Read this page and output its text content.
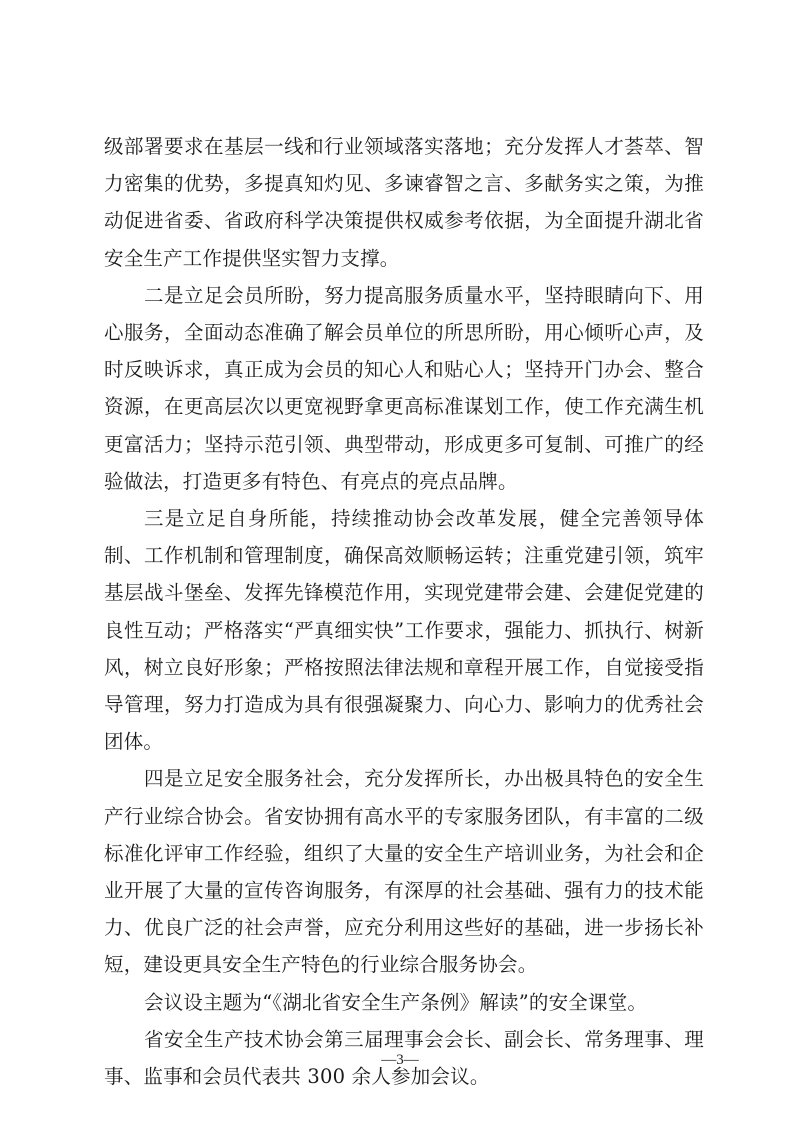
级部署要求在基层一线和行业领域落实落地；充分发挥人才荟萃、智力密集的优势，多提真知灼见、多谏睿智之言、多献务实之策，为推动促进省委、省政府科学决策提供权威参考依据，为全面提升湖北省安全生产工作提供坚实智力支撑。

二是立足会员所盼，努力提高服务质量水平，坚持眼睛向下、用心服务，全面动态准确了解会员单位的所思所盼，用心倾听心声，及时反映诉求，真正成为会员的知心人和贴心人；坚持开门办会、整合资源，在更高层次以更宽视野拿更高标准谋划工作，使工作充满生机更富活力；坚持示范引领、典型带动，形成更多可复制、可推广的经验做法，打造更多有特色、有亮点的亮点品牌。

三是立足自身所能，持续推动协会改革发展，健全完善领导体制、工作机制和管理制度，确保高效顺畅运转；注重党建引领，筑牢基层战斗堡垒、发挥先锋模范作用，实现党建带会建、会建促党建的良性互动；严格落实“严真细实快”工作要求，强能力、抓执行、树新风，树立良好形象；严格按照法律法规和章程开展工作，自觉接受指导管理，努力打造成为具有很强凝聚力、向心力、影响力的优秀社会团体。

四是立足安全服务社会，充分发挥所长，办出极具特色的安全生产行业综合协会。省安协拥有高水平的专家服务团队，有丰富的二级标准化评审工作经验，组织了大量的安全生产培训业务，为社会和企业开展了大量的宣传咨询服务，有深厚的社会基础、强有力的技术能力、优良广泛的社会声誉，应充分利用这些好的基础，进一步扬长补短，建设更具安全生产特色的行业综合服务协会。

会议设主题为“《湖北省安全生产条例》解读”的安全课堂。

省安全生产技术协会第三届理事会会长、副会长、常务理事、理事、监事和会员代表共 300 余人参加会议。

—3—
